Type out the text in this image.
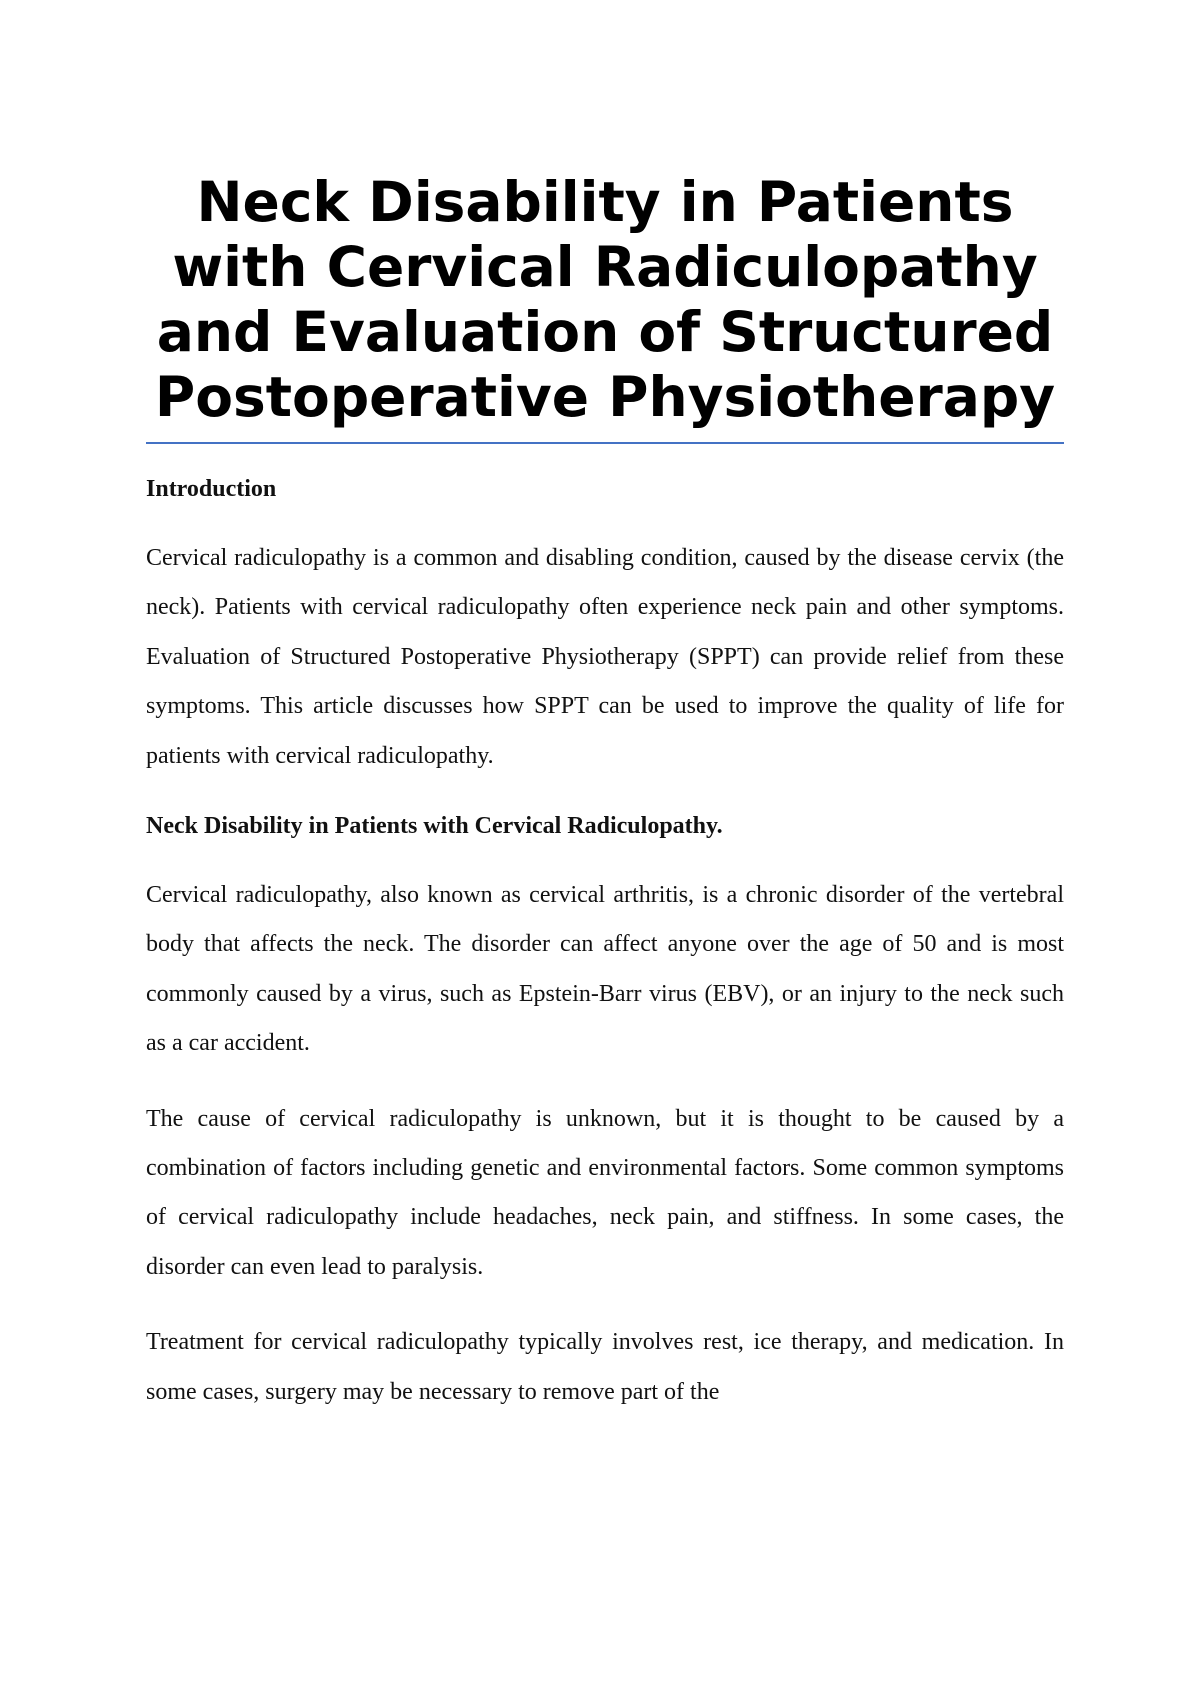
Neck Disability in Patients with Cervical Radiculopathy and Evaluation of Structured Postoperative Physiotherapy

Introduction

Cervical radiculopathy is a common and disabling condition, caused by the disease cervix (the neck). Patients with cervical radiculopathy often experience neck pain and other symptoms. Evaluation of Structured Postoperative Physiotherapy (SPPT) can provide relief from these symptoms. This article discusses how SPPT can be used to improve the quality of life for patients with cervical radiculopathy.

Neck Disability in Patients with Cervical Radiculopathy.

Cervical radiculopathy, also known as cervical arthritis, is a chronic disorder of the vertebral body that affects the neck. The disorder can affect anyone over the age of 50 and is most commonly caused by a virus, such as Epstein-Barr virus (EBV), or an injury to the neck such as a car accident.

The cause of cervical radiculopathy is unknown, but it is thought to be caused by a combination of factors including genetic and environmental factors. Some common symptoms of cervical radiculopathy include headaches, neck pain, and stiffness. In some cases, the disorder can even lead to paralysis.

Treatment for cervical radiculopathy typically involves rest, ice therapy, and medication. In some cases, surgery may be necessary to remove part of the
